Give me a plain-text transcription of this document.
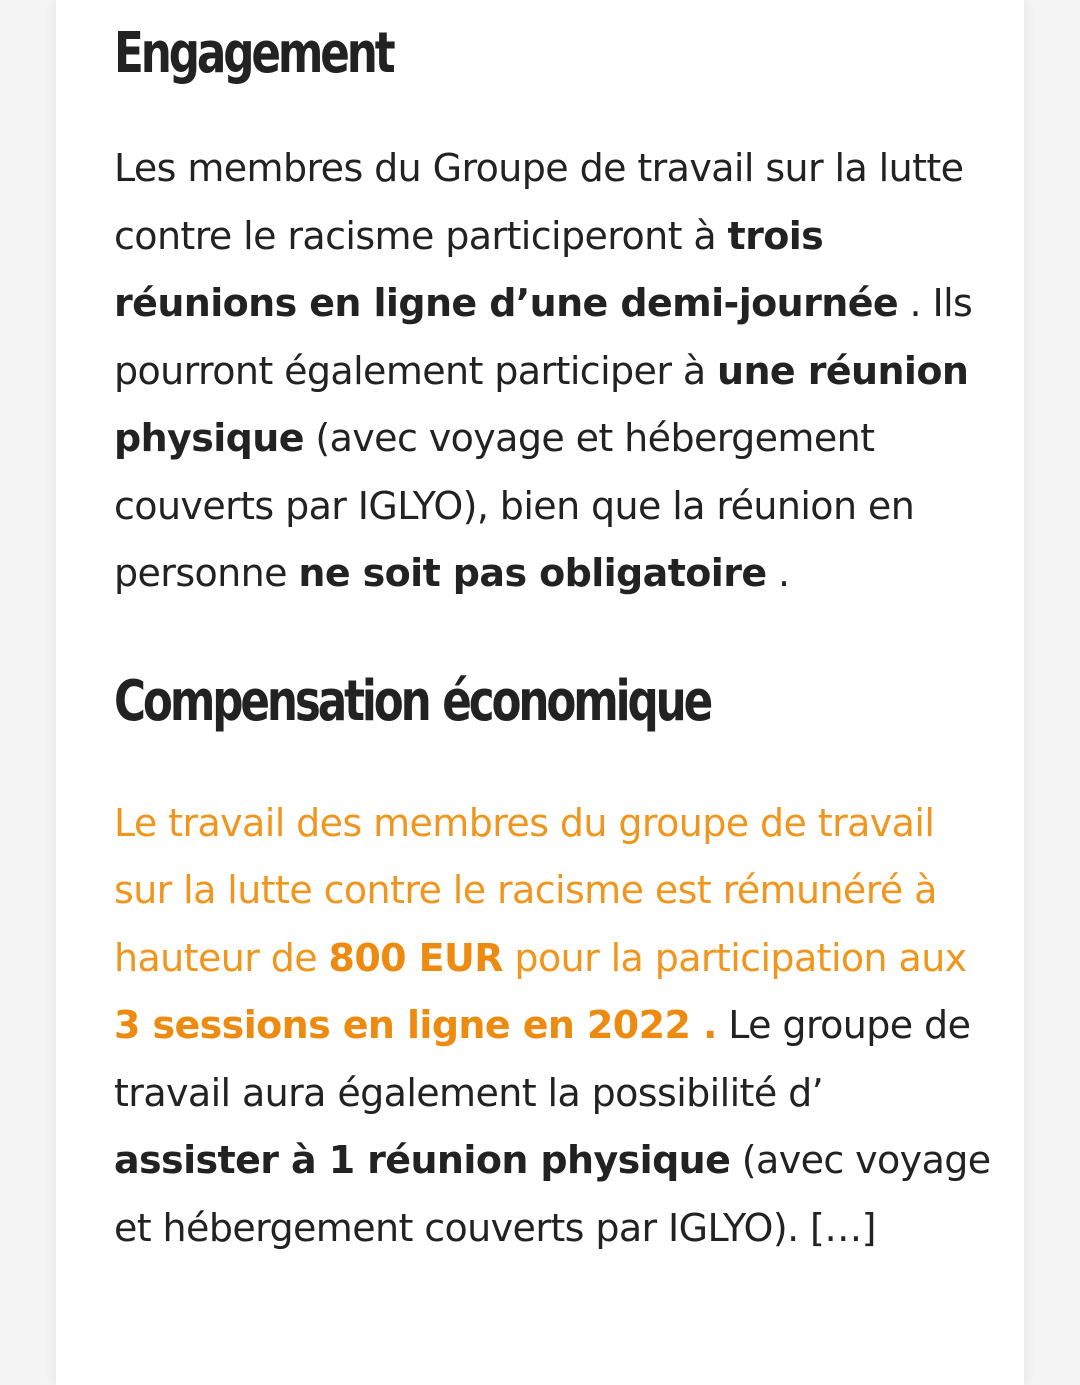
Engagement

Les membres du Groupe de travail sur la lutte contre le racisme participeront à trois réunions en ligne d’une demi-journée . Ils pourront également participer à une réunion physique (avec voyage et hébergement couverts par IGLYO), bien que la réunion en personne ne soit pas obligatoire .

Compensation économique

Le travail des membres du groupe de travail sur la lutte contre le racisme est rémunéré à hauteur de 800 EUR pour la participation aux 3 sessions en ligne en 2022 . Le groupe de travail aura également la possibilité d’ assister à 1 réunion physique (avec voyage et hébergement couverts par IGLYO). […]
